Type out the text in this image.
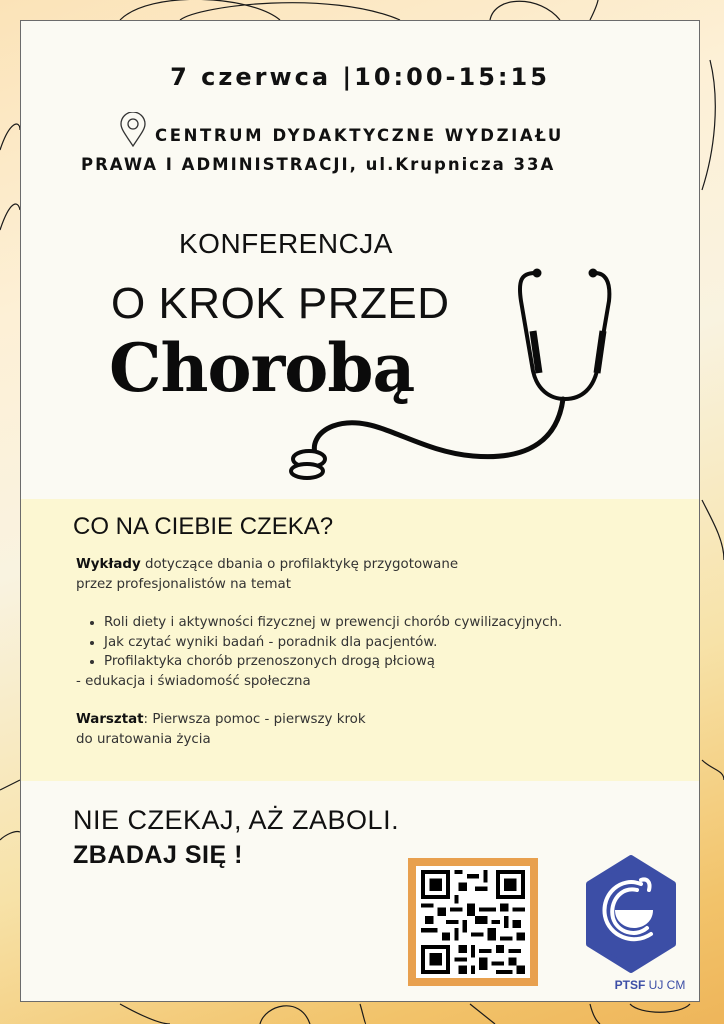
7 czerwca |10:00-15:15
CENTRUM DYDAKTYCZNE WYDZIAŁU
PRAWA I ADMINISTRACJI, ul.Krupnicza 33A
KONFERENCJA
O KROK PRZED
Chorobą
CO NA CIEBIE CZEKA?

Wykłady dotyczące dbania o profilaktykę przygotowane

przez profesjonalistów na temat

• Roli diety i aktywności fizycznej w prewencji chorób cywilizacyjnych.
• Jak czytać wyniki badań - poradnik dla pacjentów.
• Profilaktyka chorób przenoszonych drogą płciową

- edukacja i świadomość społeczna

Warsztat: Pierwsza pomoc - pierwszy krok

do uratowania życia

NIE CZEKAJ, AŻ ZABOLI.
ZBADAJ SIĘ !
PTSF UJ CM
